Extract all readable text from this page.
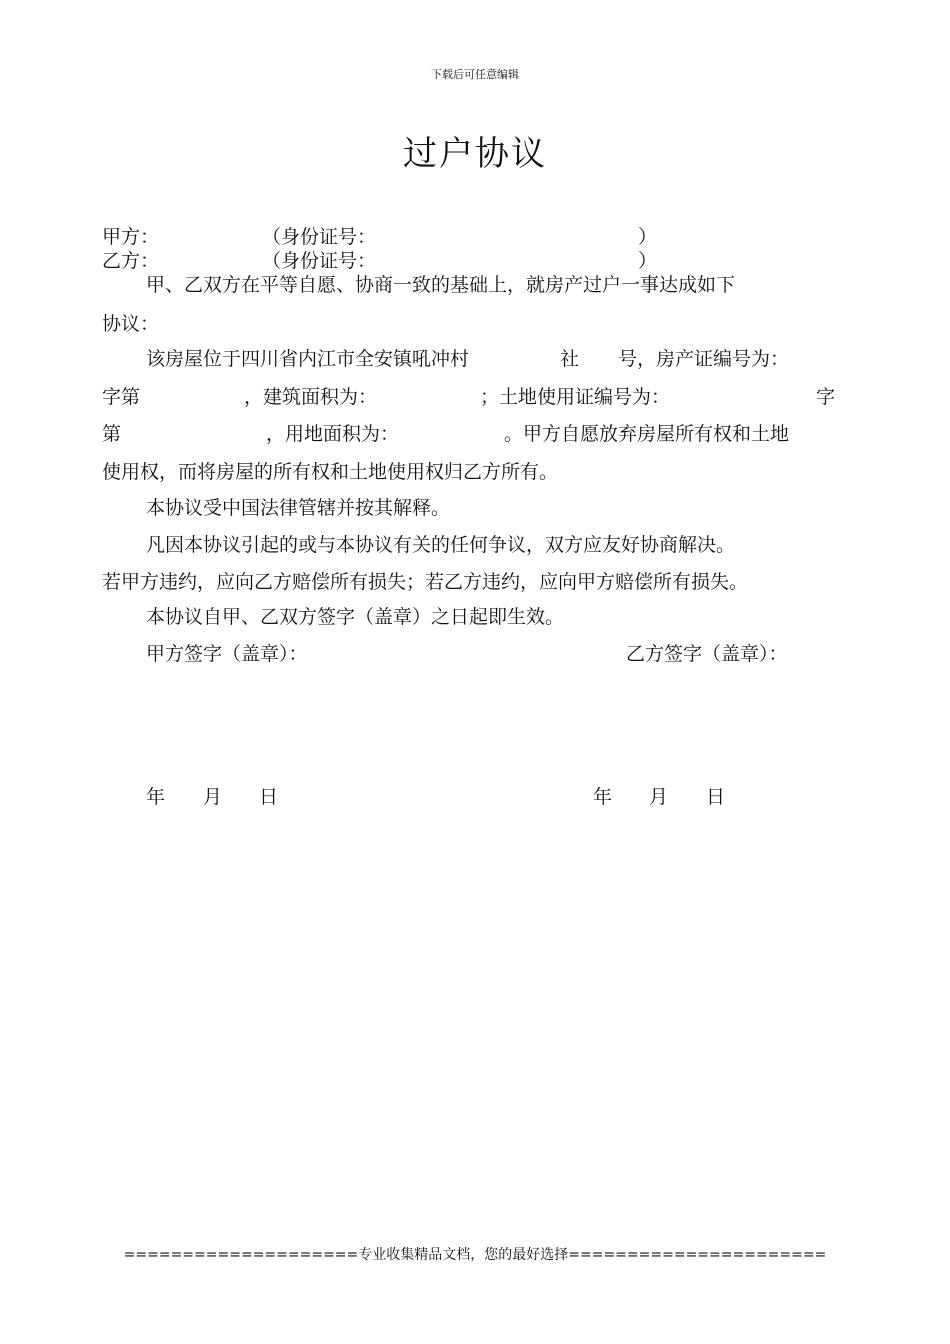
下载后可任意编辑
过户协议
甲方：	（身份证号：	）
乙方：	（身份证号：	）
甲、乙双方在平等自愿、协商一致的基础上，就房产过户一事达成如下
协议：
该房屋位于四川省内江市全安镇吼冲村	社 号，房产证编号为：
字第	，建筑面积为：	；土地使用证编号为：	字
第	，用地面积为：	。甲方自愿放弃房屋所有权和土地
使用权，而将房屋的所有权和土地使用权归乙方所有。
本协议受中国法律管辖并按其解释。
凡因本协议引起的或与本协议有关的任何争议，双方应友好协商解决。
若甲方违约，应向乙方赔偿所有损失；若乙方违约，应向甲方赔偿所有损失。
本协议自甲、乙双方签字（盖章）之日起即生效。
甲方签字（盖章）：	乙方签字（盖章）：
年 月 日	年 月 日
====================专业收集精品文档，您的最好选择======================
